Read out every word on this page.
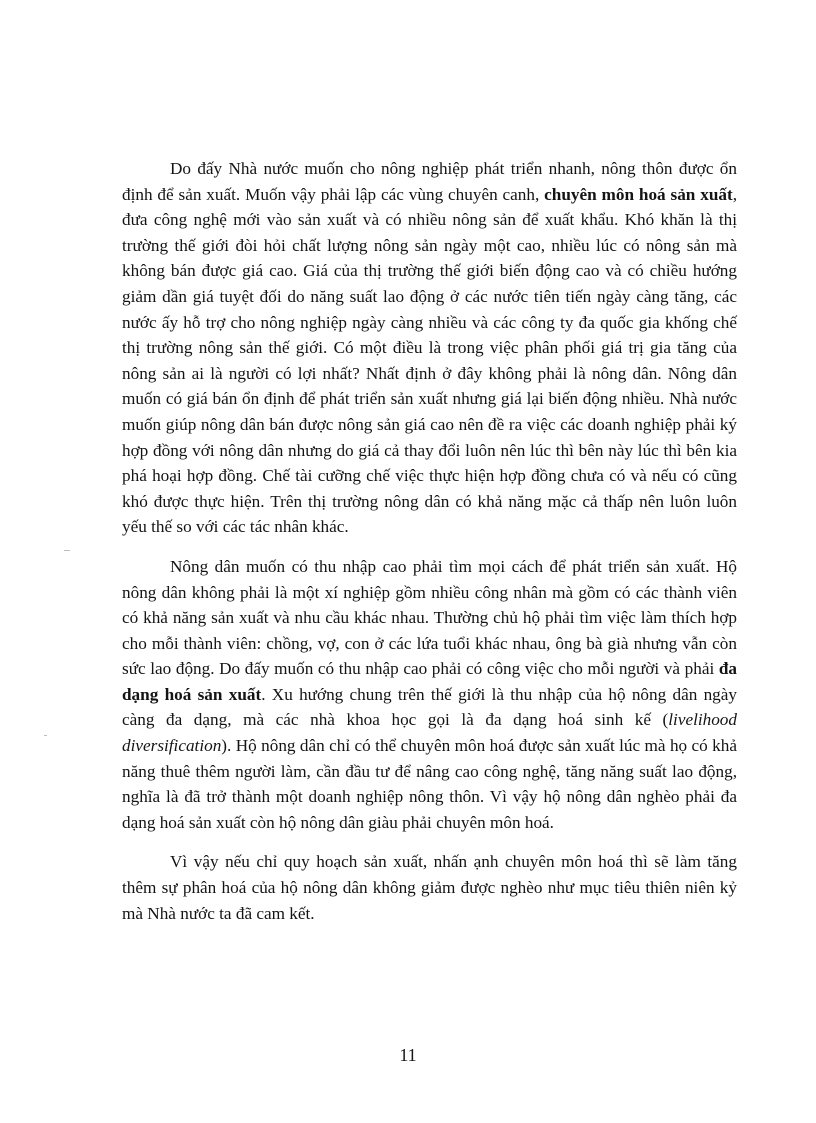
Do đấy Nhà nước muốn cho nông nghiệp phát triển nhanh, nông thôn được ổn định để sản xuất. Muốn vậy phải lập các vùng chuyên canh, chuyên môn hoá sản xuất, đưa công nghệ mới vào sản xuất và có nhiều nông sản để xuất khẩu. Khó khăn là thị trường thế giới đòi hỏi chất lượng nông sản ngày một cao, nhiều lúc có nông sản mà không bán được giá cao. Giá của thị trường thế giới biến động cao và có chiều hướng giảm dần giá tuyệt đối do năng suất lao động ở các nước tiên tiến ngày càng tăng, các nước ấy hỗ trợ cho nông nghiệp ngày càng nhiều và các công ty đa quốc gia khống chế thị trường nông sản thế giới. Có một điều là trong việc phân phối giá trị gia tăng của nông sản ai là người có lợi nhất? Nhất định ở đây không phải là nông dân. Nông dân muốn có giá bán ổn định để phát triển sản xuất nhưng giá lại biến động nhiều. Nhà nước muốn giúp nông dân bán được nông sản giá cao nên đề ra việc các doanh nghiệp phải ký hợp đồng với nông dân nhưng do giá cả thay đổi luôn nên lúc thì bên này lúc thì bên kia phá hoại hợp đồng. Chế tài cưỡng chế việc thực hiện hợp đồng chưa có và nếu có cũng khó được thực hiện. Trên thị trường nông dân có khả năng mặc cả thấp nên luôn luôn yếu thế so với các tác nhân khác.

Nông dân muốn có thu nhập cao phải tìm mọi cách để phát triển sản xuất. Hộ nông dân không phải là một xí nghiệp gồm nhiều công nhân mà gồm có các thành viên có khả năng sản xuất và nhu cầu khác nhau. Thường chủ hộ phải tìm việc làm thích hợp cho mỗi thành viên: chồng, vợ, con ở các lứa tuổi khác nhau, ông bà già nhưng vẫn còn sức lao động. Do đấy muốn có thu nhập cao phải có công việc cho mỗi người và phải đa dạng hoá sản xuất. Xu hướng chung trên thế giới là thu nhập của hộ nông dân ngày càng đa dạng, mà các nhà khoa học gọi là đa dạng hoá sinh kế (livelihood diversification). Hộ nông dân chỉ có thể chuyên môn hoá được sản xuất lúc mà họ có khả năng thuê thêm người làm, cần đầu tư để nâng cao công nghệ, tăng năng suất lao động, nghĩa là đã trở thành một doanh nghiệp nông thôn. Vì vậy hộ nông dân nghèo phải đa dạng hoá sản xuất còn hộ nông dân giàu phải chuyên môn hoá.

Vì vậy nếu chỉ quy hoạch sản xuất, nhấn ạnh chuyên môn hoá thì sẽ làm tăng thêm sự phân hoá của hộ nông dân không giảm được nghèo như mục tiêu thiên niên kỷ mà Nhà nước ta đã cam kết.

11
